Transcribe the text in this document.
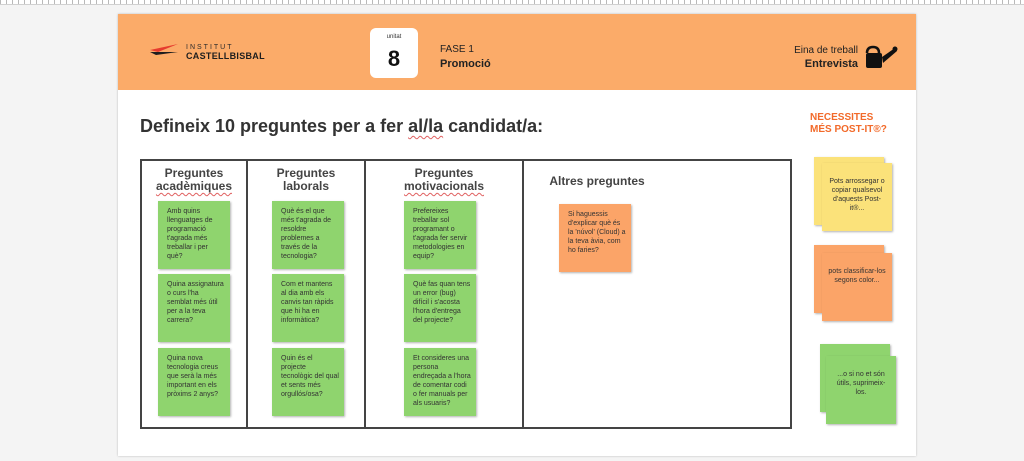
INSTITUT
CASTELLBISBAL
unitat
8	FASE 1
Promoció
Eina de treball
Entrevista
Defineix 10 preguntes per a fer al/la candidat/a:	NECESSITES
MÉS POST-IT®?
Preguntes
acadèmiques
Amb quins llenguatges de programació t'agrada més treballar i per què?
Quina assignatura o curs l'ha semblat més útil per a la teva carrera?
Quina nova tecnologia creus que serà la més important en els pròxims 2 anys?
Preguntes
laborals
Què és el que més t'agrada de resoldre problemes a través de la tecnologia?
Com et mantens al dia amb els canvis tan ràpids que hi ha en informàtica?
Quin és el projecte tecnològic del qual et sents més orgullós/osa?
Preguntes
motivacionals
Prefereixes treballar sol programant o t'agrada fer servir metodologies en equip?
Què fas quan tens un error (bug) difícil i s'acosta l'hora d'entrega del projecte?
Et consideres una persona endreçada a l'hora de comentar codi o fer manuals per als usuaris?
Altres preguntes
Si haguessis d'explicar què és la 'núvol' (Cloud) a la teva àvia, com ho faries?
Pots arrossegar o copiar qualsevol d'aquests Post-it®...
pots classificar-los segons color...
...o si no et són útils, suprimeix-los.
